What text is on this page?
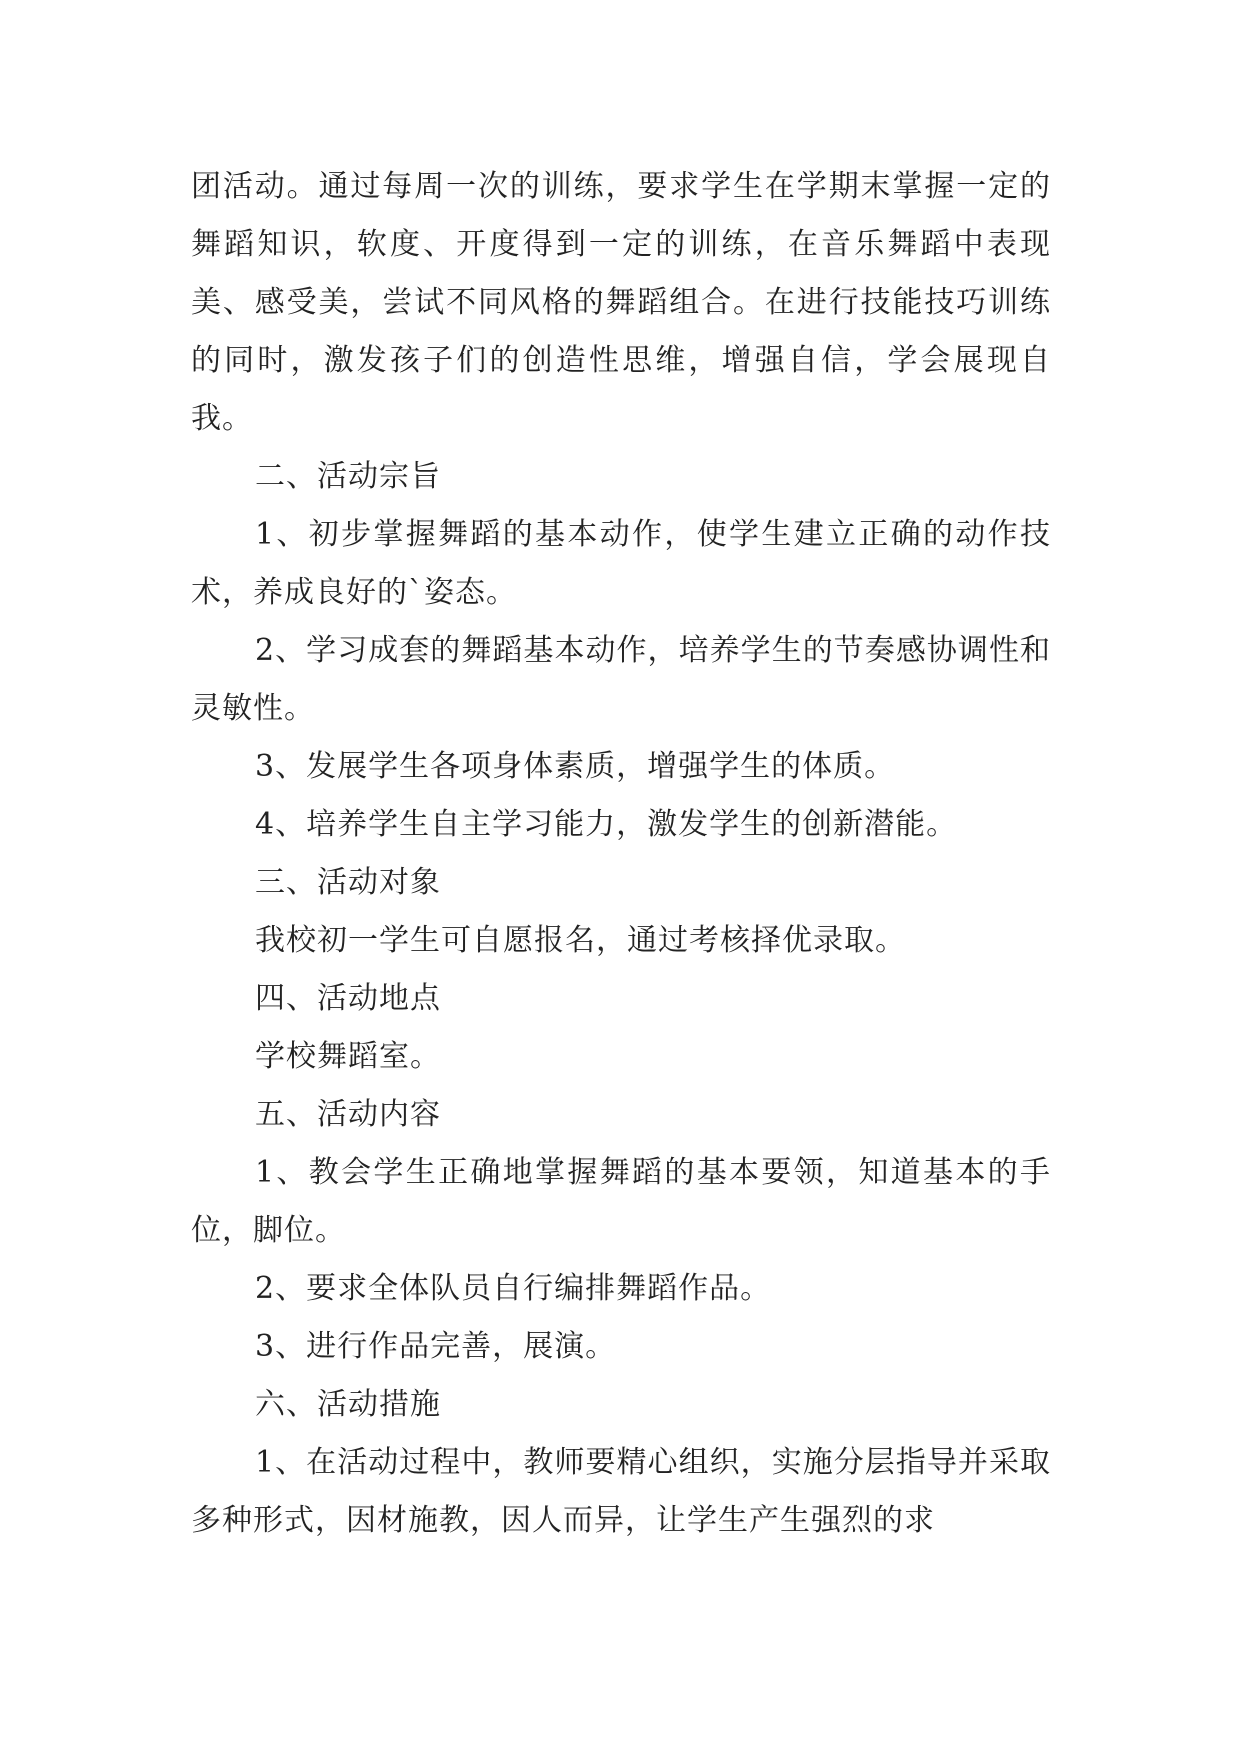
团活动。通过每周一次的训练，要求学生在学期末掌握一定的舞蹈知识，软度、开度得到一定的训练，在音乐舞蹈中表现美、感受美，尝试不同风格的舞蹈组合。在进行技能技巧训练的同时，激发孩子们的创造性思维，增强自信，学会展现自我。

二、活动宗旨

1、初步掌握舞蹈的基本动作，使学生建立正确的动作技术，养成良好的`姿态。

2、学习成套的舞蹈基本动作，培养学生的节奏感协调性和灵敏性。

3、发展学生各项身体素质，增强学生的体质。

4、培养学生自主学习能力，激发学生的创新潜能。

三、活动对象

我校初一学生可自愿报名，通过考核择优录取。

四、活动地点

学校舞蹈室。

五、活动内容

1、教会学生正确地掌握舞蹈的基本要领，知道基本的手位，脚位。

2、要求全体队员自行编排舞蹈作品。

3、进行作品完善，展演。

六、活动措施

1、在活动过程中，教师要精心组织，实施分层指导并采取多种形式，因材施教，因人而异，让学生产生强烈的求
